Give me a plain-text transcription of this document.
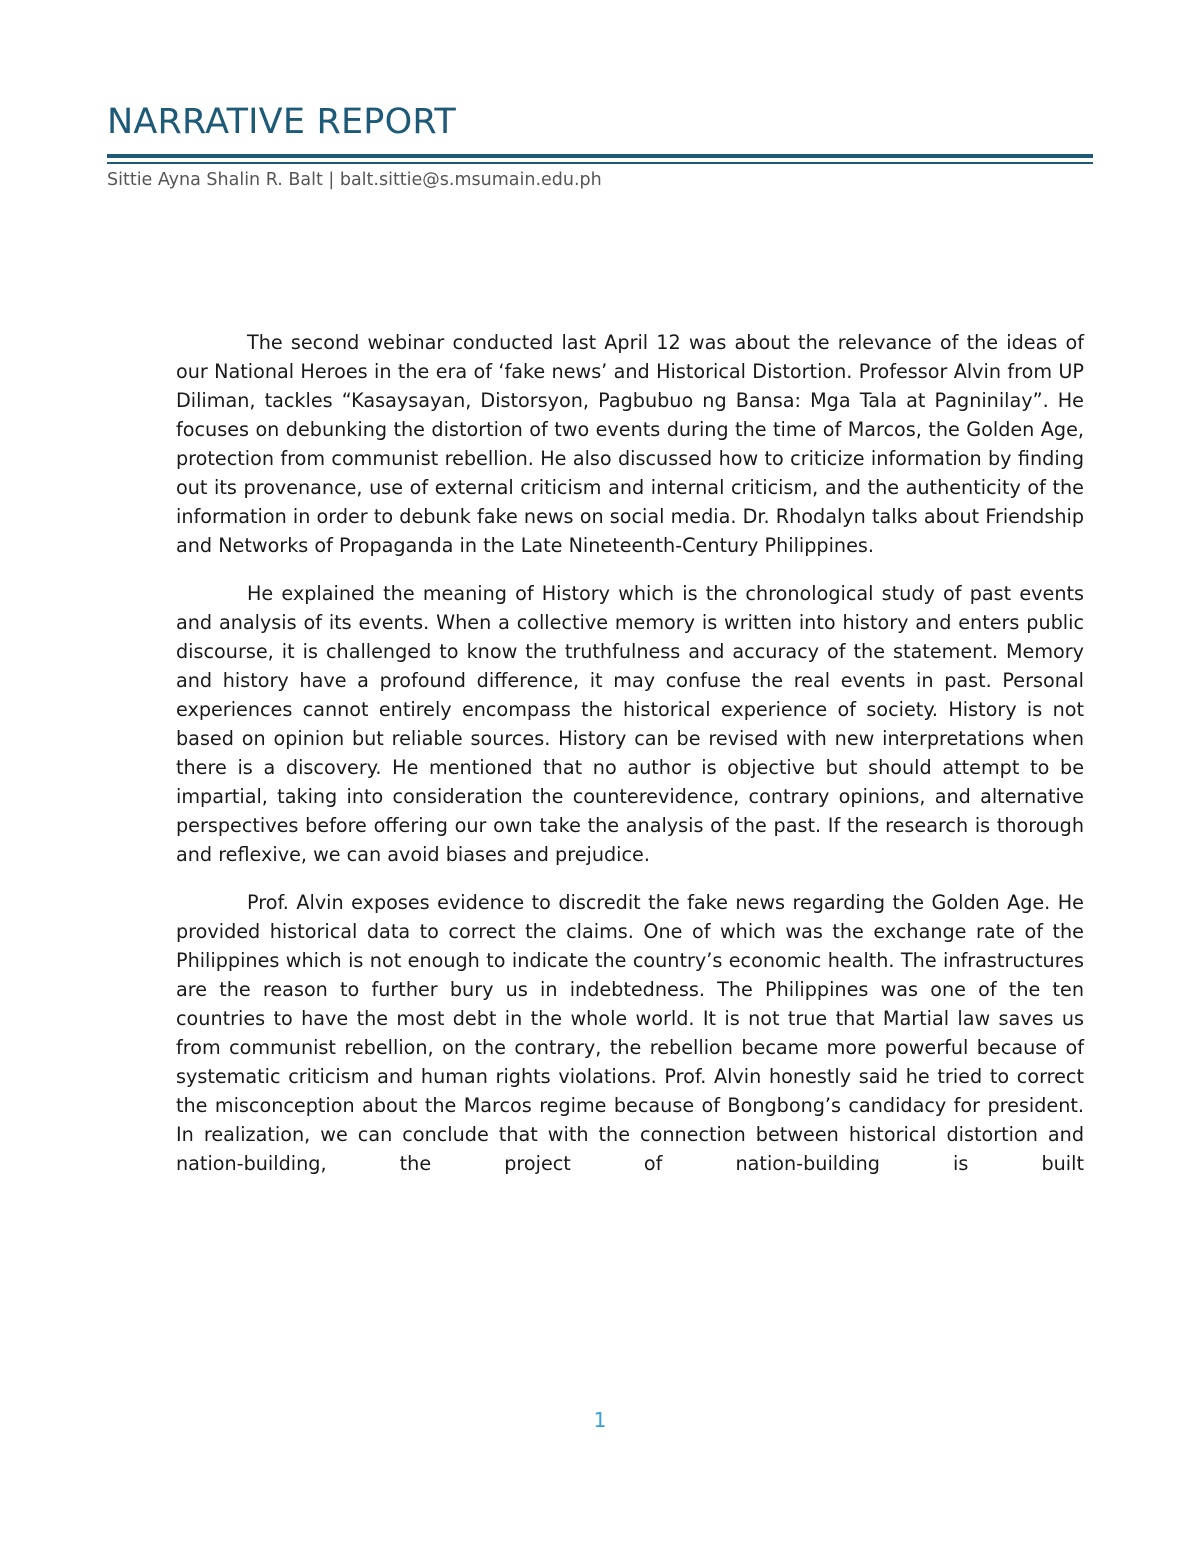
NARRATIVE REPORT
Sittie Ayna Shalin R. Balt | balt.sittie@s.msumain.edu.ph

The second webinar conducted last April 12 was about the relevance of the ideas of our National Heroes in the era of ‘fake news’ and Historical Distortion. Professor Alvin from UP Diliman, tackles “Kasaysayan, Distorsyon, Pagbubuo ng Bansa: Mga Tala at Pagninilay”. He focuses on debunking the distortion of two events during the time of Marcos, the Golden Age, protection from communist rebellion. He also discussed how to criticize information by finding out its provenance, use of external criticism and internal criticism, and the authenticity of the information in order to debunk fake news on social media. Dr. Rhodalyn talks about Friendship and Networks of Propaganda in the Late Nineteenth-Century Philippines.

He explained the meaning of History which is the chronological study of past events and analysis of its events. When a collective memory is written into history and enters public discourse, it is challenged to know the truthfulness and accuracy of the statement. Memory and history have a profound difference, it may confuse the real events in past. Personal experiences cannot entirely encompass the historical experience of society. History is not based on opinion but reliable sources. History can be revised with new interpretations when there is a discovery. He mentioned that no author is objective but should attempt to be impartial, taking into consideration the counterevidence, contrary opinions, and alternative perspectives before offering our own take the analysis of the past. If the research is thorough and reflexive, we can avoid biases and prejudice.

Prof. Alvin exposes evidence to discredit the fake news regarding the Golden Age. He provided historical data to correct the claims. One of which was the exchange rate of the Philippines which is not enough to indicate the country’s economic health. The infrastructures are the reason to further bury us in indebtedness. The Philippines was one of the ten countries to have the most debt in the whole world. It is not true that Martial law saves us from communist rebellion, on the contrary, the rebellion became more powerful because of systematic criticism and human rights violations. Prof. Alvin honestly said he tried to correct the misconception about the Marcos regime because of Bongbong’s candidacy for president. In realization, we can conclude that with the connection between historical distortion and nation-building, the project of nation-building is built

1
